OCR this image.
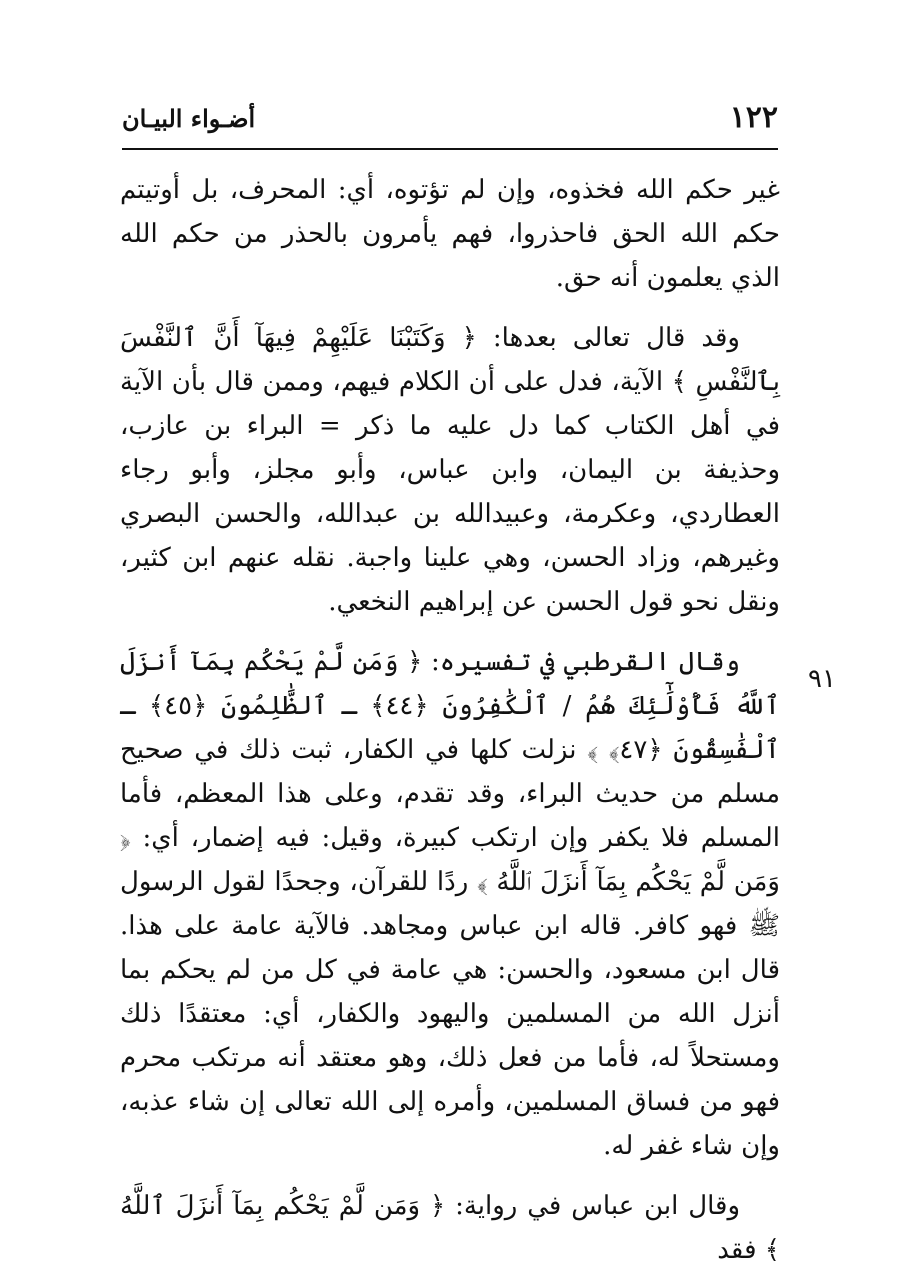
١٢٢
أضـواء البيـان
٩١

غير حكم الله فخذوه، وإن لم تؤتوه، أي: المحرف، بل أوتيتم حكم الله الحق فاحذروا، فهم يأمرون بالحذر من حكم الله الذي يعلمون أنه حق.

وقد قال تعالى بعدها: ﴿ وَكَتَبْنَا عَلَيْهِمْ فِيهَآ أَنَّ ٱلنَّفْسَ بِٱلنَّفْسِ ﴾ الآية، فدل على أن الكلام فيهم، وممن قال بأن الآية في أهل الكتاب كما دل عليه ما ذكر = البراء بن عازب، وحذيفة بن اليمان، وابن عباس، وأبو مجلز، وأبو رجاء العطاردي، وعكرمة، وعبيدالله بن عبدالله، والحسن البصري وغيرهم، وزاد الحسن، وهي علينا واجبة. نقله عنهم ابن كثير، ونقل نحو قول الحسن عن إبراهيم النخعي.

وقال القرطبي في تفسيره: ﴿ وَمَن لَّمْ يَحْكُم بِمَآ أَنزَلَ ٱللَّهُ فَأُوْلَٰٓئِكَ هُمُ / ٱلْكَٰفِرُونَ ﴿٤٤﴾ ـ ٱلظَّٰلِمُونَ ﴿٤٥﴾ ـ ٱلْفَٰسِقُونَ ﴿٤٧﴾ ﴾ نزلت كلها في الكفار، ثبت ذلك في صحيح مسلم من حديث البراء، وقد تقدم، وعلى هذا المعظم، فأما المسلم فلا يكفر وإن ارتكب كبيرة، وقيل: فيه إضمار، أي: ﴿ وَمَن لَّمْ يَحْكُم بِمَآ أَنزَلَ ٱللَّهُ ﴾ ردًا للقرآن، وجحدًا لقول الرسول ﷺ فهو كافر. قاله ابن عباس ومجاهد. فالآية عامة على هذا. قال ابن مسعود، والحسن: هي عامة في كل من لم يحكم بما أنزل الله من المسلمين واليهود والكفار، أي: معتقدًا ذلك ومستحلاً له، فأما من فعل ذلك، وهو معتقد أنه مرتكب محرم فهو من فساق المسلمين، وأمره إلى الله تعالى إن شاء عذبه، وإن شاء غفر له.

وقال ابن عباس في رواية: ﴿ وَمَن لَّمْ يَحْكُم بِمَآ أَنزَلَ ٱللَّهُ ﴾ فقد
